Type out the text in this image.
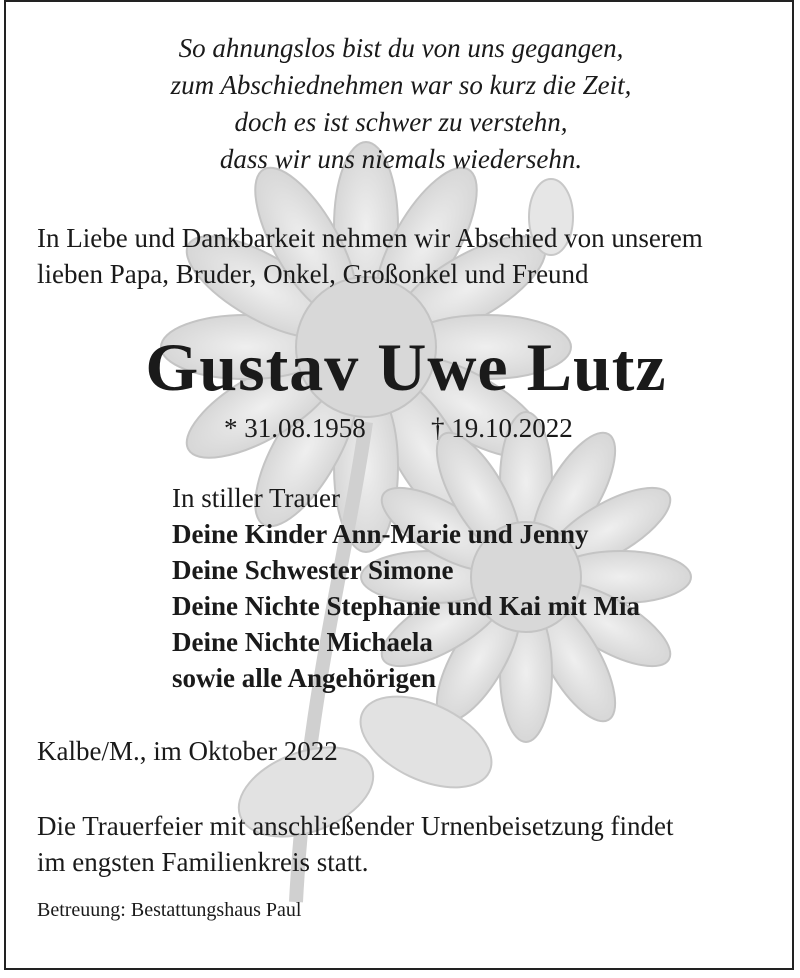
So ahnungslos bist du von uns gegangen,
zum Abschiednehmen war so kurz die Zeit,
doch es ist schwer zu verstehn,
dass wir uns niemals wiedersehn.
In Liebe und Dankbarkeit nehmen wir Abschied von unserem
lieben Papa, Bruder, Onkel, Großonkel und Freund
Gustav Uwe Lutz
* 31.08.1958 † 19.10.2022
In stiller Trauer
Deine Kinder Ann-Marie und Jenny
Deine Schwester Simone
Deine Nichte Stephanie und Kai mit Mia
Deine Nichte Michaela
sowie alle Angehörigen
Kalbe/M., im Oktober 2022
Die Trauerfeier mit anschließender Urnenbeisetzung findet
im engsten Familienkreis statt.
Betreuung: Bestattungshaus Paul
